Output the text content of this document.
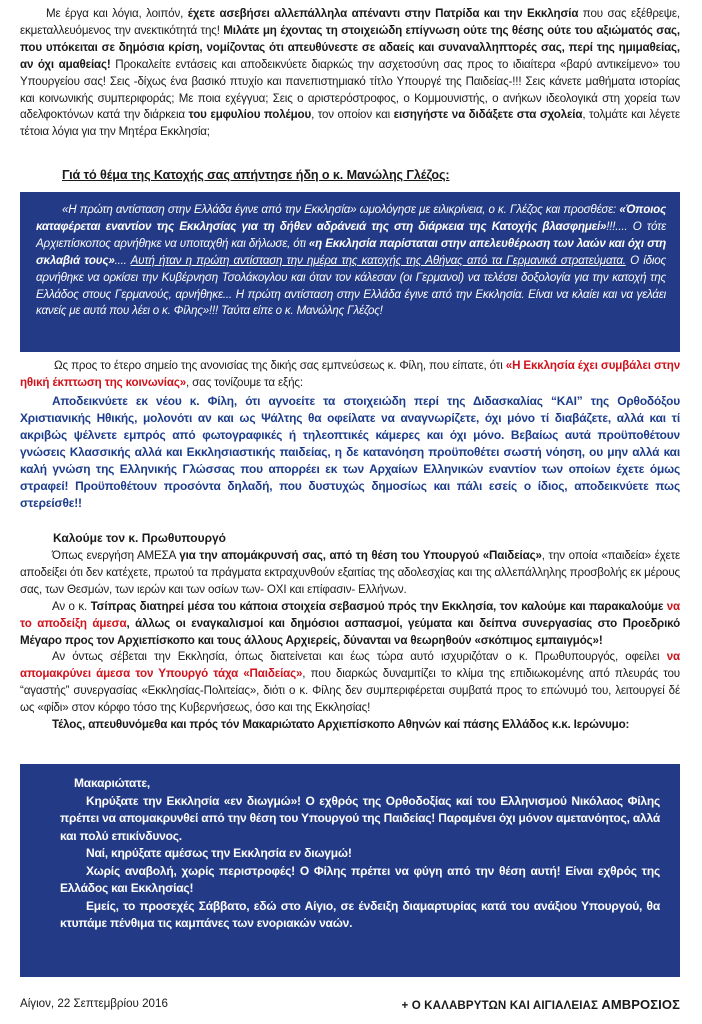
Με έργα και λόγια, λοιπόν, έχετε ασεβήσει αλλεπάλληλα απέναντι στην Πατρίδα και την Εκκλησία που σας εξέθρεψε, εκμεταλλευόμενος την ανεκτικότητά της! Μιλάτε μη έχοντας τη στοιχειώδη επίγνωση ούτε της θέσης ούτε του αξιώματός σας, που υπόκειται σε δημόσια κρίση, νομίζοντας ότι απευθύνεστε σε αδαείς και συναναλληπτορές σας, περί της ημιμαθείας, αν όχι αμαθείας! Προκαλείτε εντάσεις και αποδεικνύετε διαρκώς την ασχετοσύνη σας προς το ιδιαίτερα «βαρύ αντικείμενο» του Υπουργείου σας! Σεις -δίχως ένα βασικό πτυχίο και πανεπιστημιακό τίτλο Υπουργέ της Παιδείας-!!! Σεις κάνετε μαθήματα ιστορίας και κοινωνικής συμπεριφοράς; Με ποια εχέγγυα; Σεις ο αριστερόστροφος, ο Κομμουνιστής, ο ανήκων ιδεολογικά στη χορεία των αδελφοκτόνων κατά την διάρκεια του εμφυλίου πολέμου, τον οποίον και εισηγήστε να διδάξετε στα σχολεία, τολμάτε και λέγετε τέτοια λόγια για την Μητέρα Εκκλησία;

Γιά τό θέμα της Κατοχής σας απήντησε ήδη ο κ. Μανώλης Γλέζος:

«Η πρώτη αντίσταση στην Ελλάδα έγινε από την Εκκλησία» ωμολόγησε με ειλικρίνεια, ο κ. Γλέζος και προσθέσε: «Όποιος καταφέρεται εναντίον της Εκκλησίας για τη δήθεν αδράνειά της στη διάρκεια της Κατοχής βλασφημεί»!!!.... Ο τότε Αρχιεπίσκοπος αρνήθηκε να υποταχθή και δήλωσε, ότι «η Εκκλησία παρίσταται στην απελευθέρωση των λαών και όχι στη σκλαβιά τους».... Αυτή ήταν η πρώτη αντίσταση την ημέρα της κατοχής της Αθήνας από τα Γερμανικά στρατεύματα. Ο ίδιος αρνήθηκε να ορκίσει την Κυβέρνηση Τσολάκογλου και όταν τον κάλεσαν (οι Γερμανοί) να τελέσει δοξολογία για την κατοχή της Ελλάδος στους Γερμανούς, αρνήθηκε... Η πρώτη αντίσταση στην Ελλάδα έγινε από την Εκκλησία. Είναι να κλαίει και να γελάει κανείς με αυτά που λέει ο κ. Φίλης»!!! Ταύτα είπε ο κ. Μανώλης Γλέζος!

Ως προς το έτερο σημείο της ανονισίας της δικής σας εμπνεύσεως κ. Φίλη, που είπατε, ότι «Η Εκκλησία έχει συμβάλει στην ηθική έκπτωση της κοινωνίας», σας τονίζουμε τα εξής:

Αποδεικνύετε εκ νέου κ. Φίλη, ότι αγνοείτε τα στοιχειώδη περί της Διδασκαλίας “ΚΑΙ” της Ορθοδόξου Χριστιανικής Ηθικής, μολονότι αν και ως Ψάλτης θα οφείλατε να αναγνωρίζετε, όχι μόνο τί διαβάζετε, αλλά και τί ακριβώς ψέλνετε εμπρός από φωτογραφικές ή τηλεοπτικές κάμερες και όχι μόνο. Βεβαίως αυτά προϋποθέτουν γνώσεις Κλασσικής αλλά και Εκκλησιαστικής παιδείας, η δε κατανόηση προϋποθέτει σωστή νόηση, ου μην αλλά και καλή γνώση της Ελληνικής Γλώσσας που απορρέει εκ των Αρχαίων Ελληνικών εναντίον των οποίων έχετε όμως στραφεί! Προϋποθέτουν προσόντα δηλαδή, που δυστυχώς δημοσίως και πάλι εσείς ο ίδιος, αποδεικνύετε πως στερείσθε!!

Καλούμε τον κ. Πρωθυπουργό

Όπως ενεργήση ΑΜΕΣΑ για την απομάκρυνσή σας, από τη θέση του Υπουργού «Παιδείας», την οποία «παιδεία» έχετε αποδείξει ότι δεν κατέχετε, πρωτού τα πράγματα εκτραχυνθούν εξαιτίας της αδολεσχίας και της αλλεπάλληλης προσβολής εκ μέρους σας, των Θεσμών, των ιερών και των οσίων των- ΟΧΙ και επίφασιν- Ελλήνων.

Αν ο κ. Τσίπρας διατηρεί μέσα του κάποια στοιχεία σεβασμού πρός την Εκκλησία, τον καλούμε και παρακαλούμε να το αποδείξη άμεσα, άλλως οι εναγκαλισμοί και δημόσιοι ασπασμοί, γεύματα και δείπνα συνεργασίας στο Προεδρικό Μέγαρο προς τον Αρχιεπίσκοπο και τους άλλους Αρχιερείς, δύνανται να θεωρηθούν «σκόπιμος εμπαιγμός»!

Αν όντως σέβεται την Εκκλησία, όπως διατείνεται και έως τώρα αυτό ισχυριζόταν ο κ. Πρωθυπουργός, οφείλει να απομακρύνει άμεσα τον Υπουργό τάχα «Παιδείας», που διαρκώς δυναμιτίζει το κλίμα της επιδιωκομένης από πλευράς του “αγαστής” συνεργασίας «Εκκλησίας-Πολιτείας», διότι ο κ. Φίλης δεν συμπεριφέρεται συμβατά προς το επώνυμό του, λειτουργεί δέ ως «φίδι» στον κόρφο τόσο της Κυβερνήσεως, όσο και της Εκκλησίας!

Τέλος, απευθυνόμεθα και πρός τόν Μακαριώτατο Αρχιεπίσκοπο Αθηνών καί πάσης Ελλάδος κ.κ. Ιερώνυμο:

Μακαριώτατε,

Κηρύξατε την Εκκλησία «εν διωγμώ»! Ο εχθρός της Ορθοδοξίας καί του Ελληνισμού Νικόλαος Φίλης πρέπει να απομακρυνθεί από την θέση του Υπουργού της Παιδείας! Παραμένει όχι μόνον αμετανόητος, αλλά και πολύ επικίνδυνος.

Ναί, κηρύξατε αμέσως την Εκκλησία εν διωγμώ!

Χωρίς αναβολή, χωρίς περιστροφές! Ο Φίλης πρέπει να φύγη από την θέση αυτή! Είναι εχθρός της Ελλάδος και Εκκλησίας!

Εμείς, το προσεχές Σάββατο, εδώ στο Αίγιο, σε ένδειξη διαμαρτυρίας κατά του ανάξιου Υπουργού, θα κτυπάμε πένθιμα τις καμπάνες των ενοριακών ναών.

Αίγιον, 22 Σεπτεμβρίου 2016	+ Ο ΚΑΛΑΒΡΥΤΩΝ ΚΑΙ ΑΙΓΙΑΛΕΙΑΣ ΑΜΒΡΟΣΙΟΣ
